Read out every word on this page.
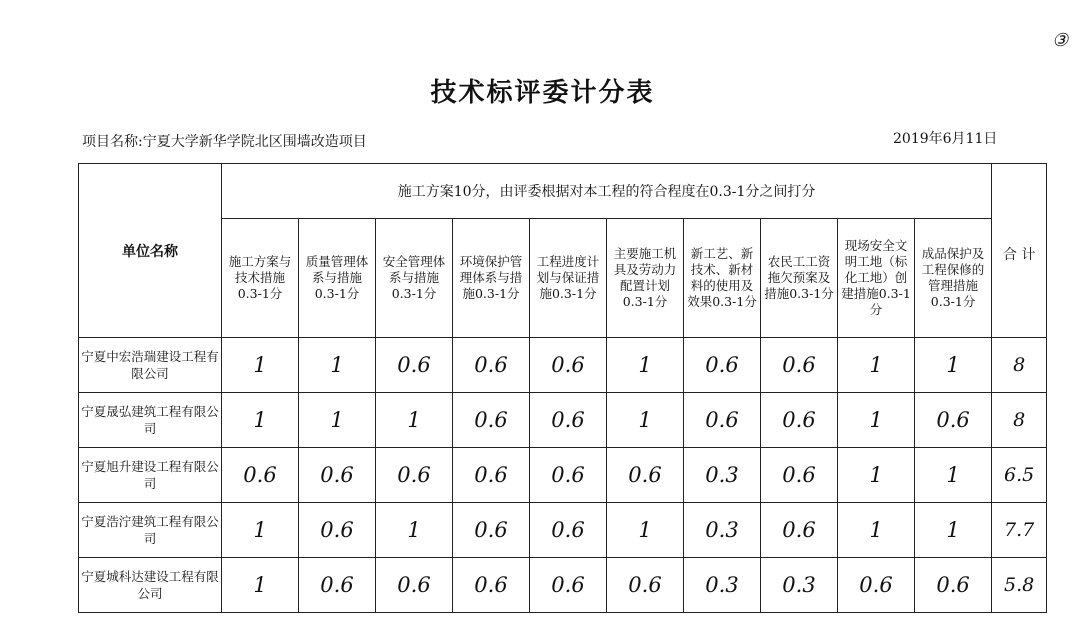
③
技术标评委计分表
项目名称:宁夏大学新华学院北区围墙改造项目	2019年6月11日
单位名称	施工方案10分，由评委根据对本工程的符合程度在0.3-1分之间打分										合 计

	施工方案与技术措施0.3-1分	质量管理体系与措施0.3-1分	安全管理体系与措施0.3-1分	环境保护管理体系与措施0.3-1分	工程进度计划与保证措施0.3-1分	主要施工机具及劳动力配置计划0.3-1分	新工艺、新技术、新材料的使用及效果0.3-1分	农民工工资拖欠预案及措施0.3-1分	现场安全文明工地（标化工地）创建措施0.3-1分	成品保护及工程保修的管理措施0.3-1分	

宁夏中宏浩瑞建设工程有限公司	1	1	0.6	0.6	0.6	1	0.6	0.6	1	1	8
宁夏晟弘建筑工程有限公司	1	1	1	0.6	0.6	1	0.6	0.6	1	0.6	8
宁夏旭升建设工程有限公司	0.6	0.6	0.6	0.6	0.6	0.6	0.3	0.6	1	1	6.5
宁夏浩泞建筑工程有限公司	1	0.6	1	0.6	0.6	1	0.3	0.6	1	1	7.7
宁夏城科达建设工程有限公司	1	0.6	0.6	0.6	0.6	0.6	0.3	0.3	0.6	0.6	5.8
